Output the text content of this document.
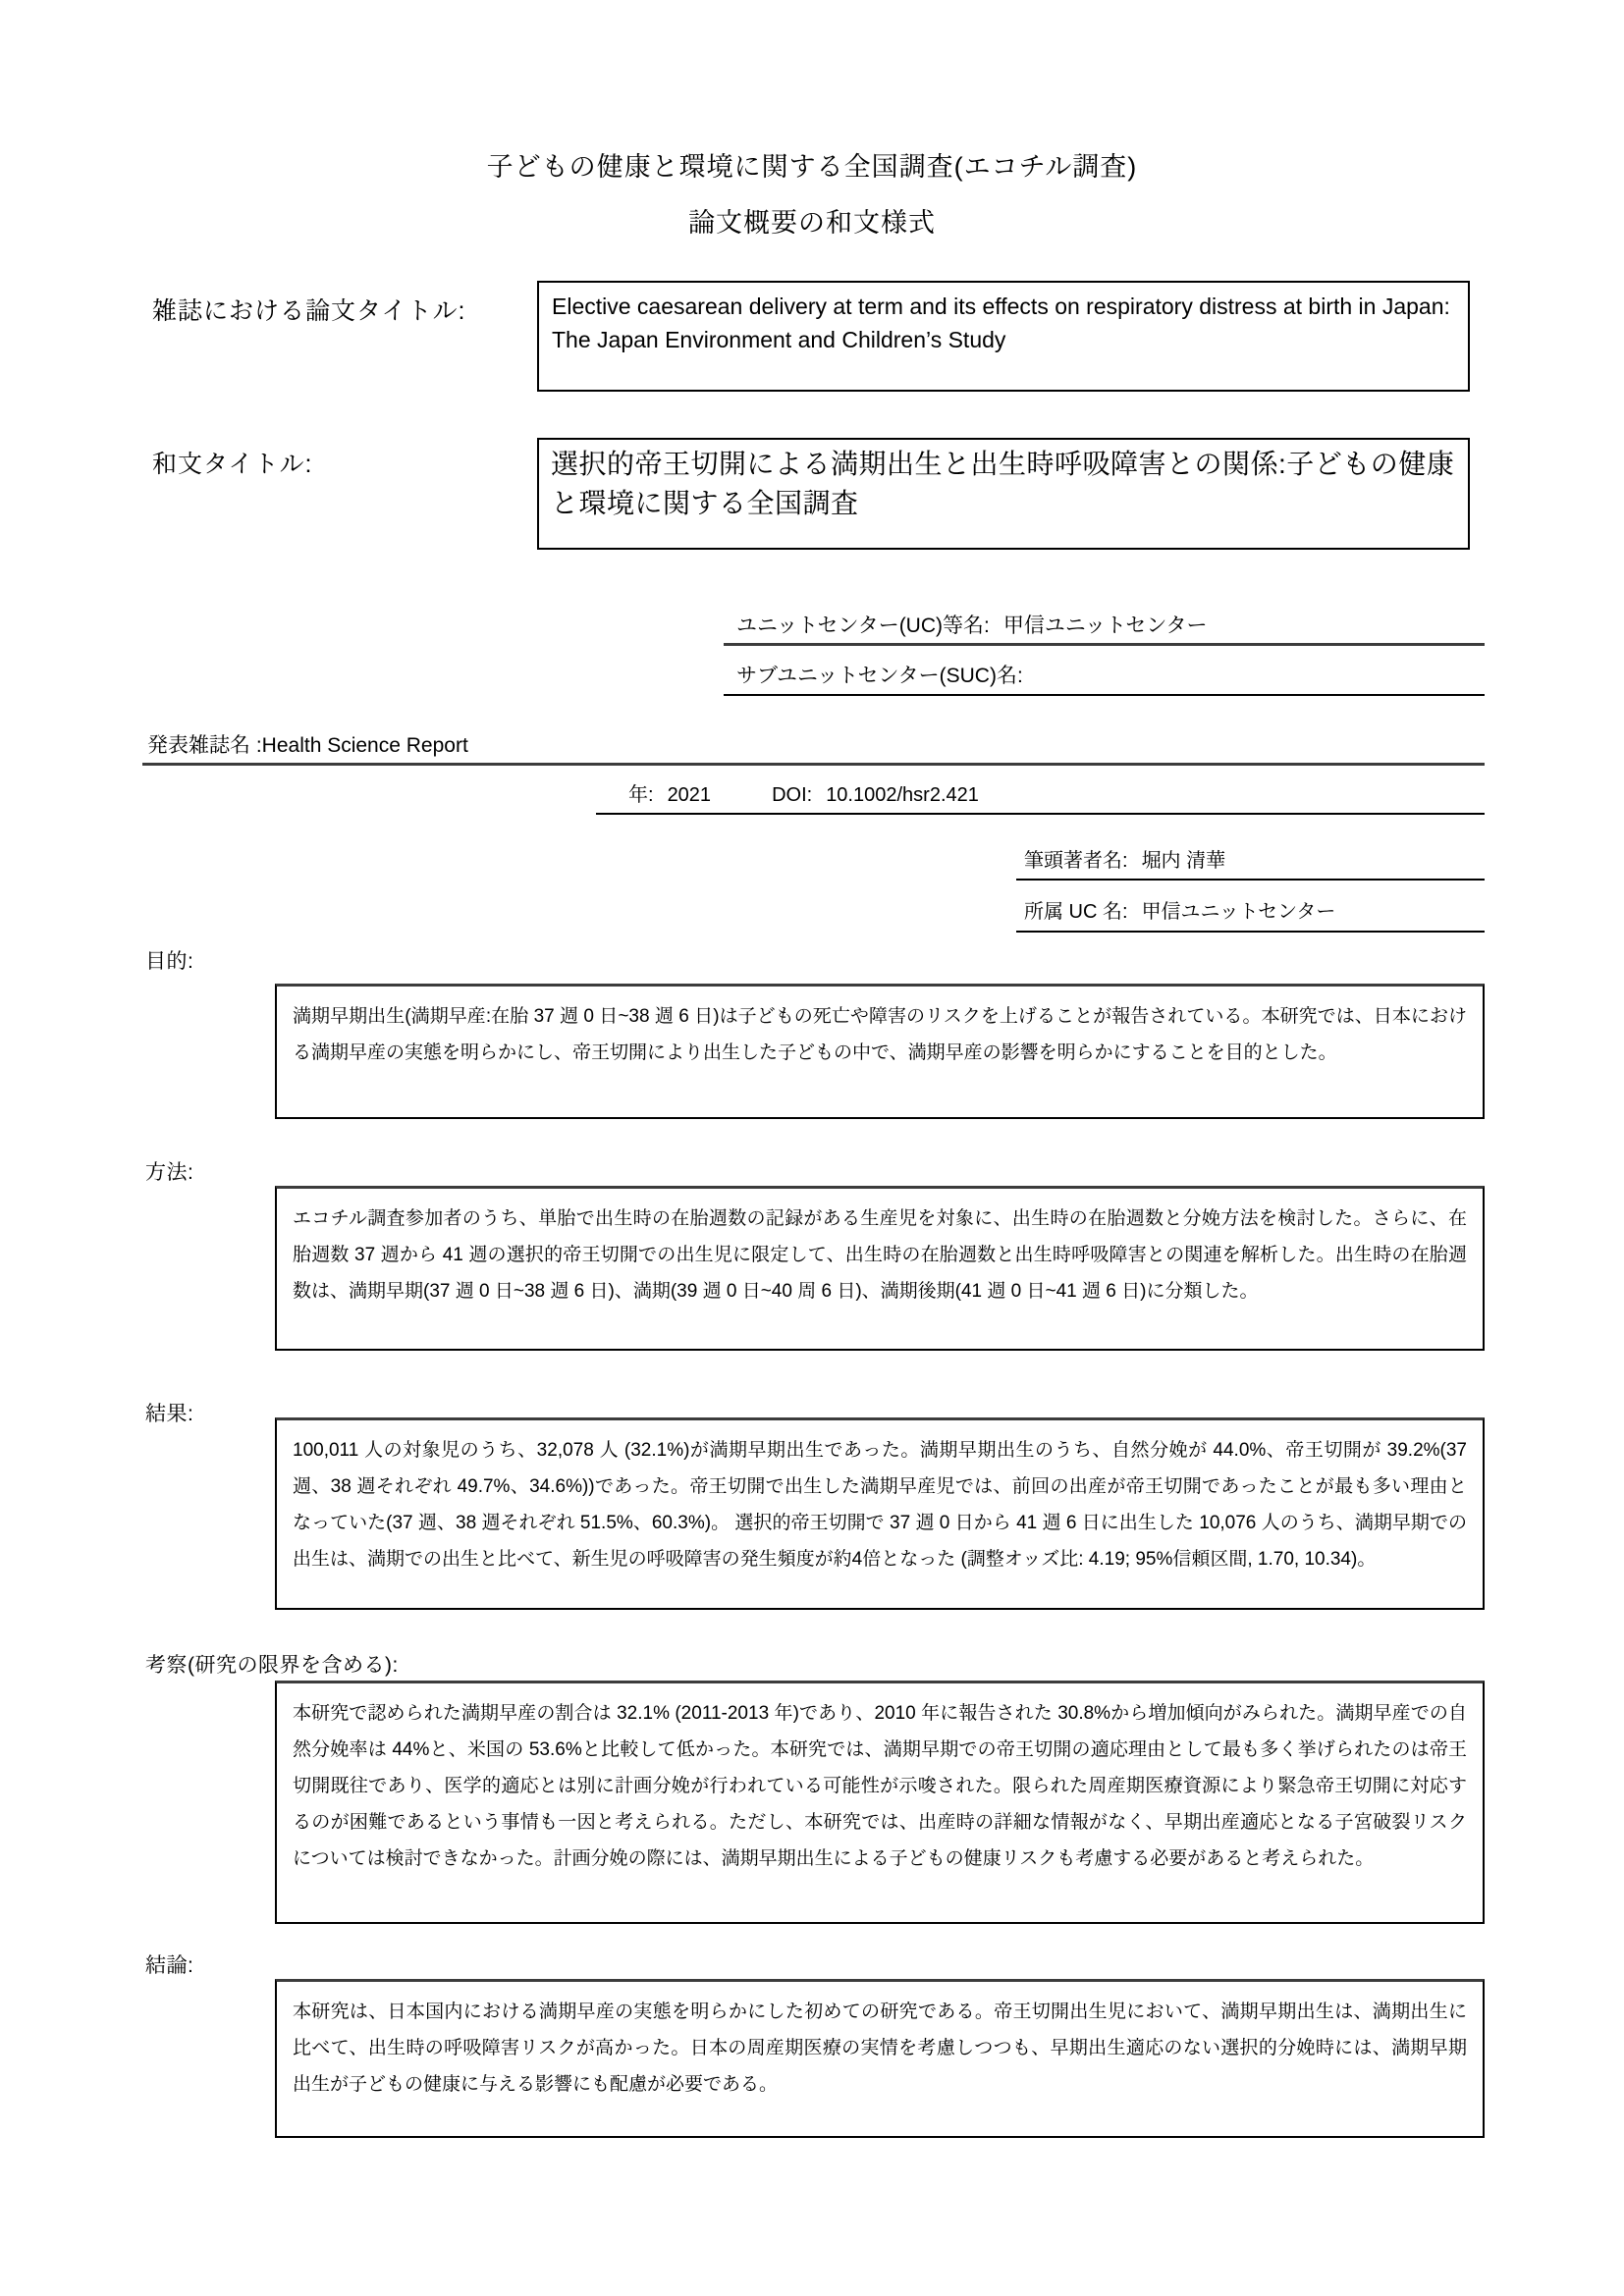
子どもの健康と環境に関する全国調査(エコチル調査)
論文概要の和文様式
雑誌における論文タイトル:	Elective caesarean delivery at term and its effects on respiratory distress at birth in Japan: The Japan Environment and Children’s Study
和文タイトル:	選択的帝王切開による満期出生と出生時呼吸障害との関係:子どもの健康と環境に関する全国調査
ユニットセンター(UC)等名: 甲信ユニットセンター
サブユニットセンター(SUC)名:
発表雑誌名 :Health Science Report
年: 2021	DOI: 10.1002/hsr2.421
筆頭著者名: 堀内 清華
所属 UC 名: 甲信ユニットセンター
目的:
満期早期出生(満期早産:在胎 37 週 0 日~38 週 6 日)は子どもの死亡や障害のリスクを上げることが報告されている。本研究では、日本における満期早産の実態を明らかにし、帝王切開により出生した子どもの中で、満期早産の影響を明らかにすることを目的とした。
方法:
エコチル調査参加者のうち、単胎で出生時の在胎週数の記録がある生産児を対象に、出生時の在胎週数と分娩方法を検討した。さらに、在胎週数 37 週から 41 週の選択的帝王切開での出生児に限定して、出生時の在胎週数と出生時呼吸障害との関連を解析した。出生時の在胎週数は、満期早期(37 週 0 日~38 週 6 日)、満期(39 週 0 日~40 周 6 日)、満期後期(41 週 0 日~41 週 6 日)に分類した。
結果:
100,011 人の対象児のうち、32,078 人 (32.1%)が満期早期出生であった。満期早期出生のうち、自然分娩が 44.0%、帝王切開が 39.2%(37 週、38 週それぞれ 49.7%、34.6%))であった。帝王切開で出生した満期早産児では、前回の出産が帝王切開であったことが最も多い理由となっていた(37 週、38 週それぞれ 51.5%、60.3%)。 選択的帝王切開で 37 週 0 日から 41 週 6 日に出生した 10,076 人のうち、満期早期での出生は、満期での出生と比べて、新生児の呼吸障害の発生頻度が約4倍となった (調整オッズ比: 4.19; 95%信頼区間, 1.70, 10.34)。
考察(研究の限界を含める):
本研究で認められた満期早産の割合は 32.1% (2011-2013 年)であり、2010 年に報告された 30.8%から増加傾向がみられた。満期早産での自然分娩率は 44%と、米国の 53.6%と比較して低かった。本研究では、満期早期での帝王切開の適応理由として最も多く挙げられたのは帝王切開既往であり、医学的適応とは別に計画分娩が行われている可能性が示唆された。限られた周産期医療資源により緊急帝王切開に対応するのが困難であるという事情も一因と考えられる。ただし、本研究では、出産時の詳細な情報がなく、早期出産適応となる子宮破裂リスクについては検討できなかった。計画分娩の際には、満期早期出生による子どもの健康リスクも考慮する必要があると考えられた。
結論:
本研究は、日本国内における満期早産の実態を明らかにした初めての研究である。帝王切開出生児において、満期早期出生は、満期出生に比べて、出生時の呼吸障害リスクが高かった。日本の周産期医療の実情を考慮しつつも、早期出生適応のない選択的分娩時には、満期早期出生が子どもの健康に与える影響にも配慮が必要である。
